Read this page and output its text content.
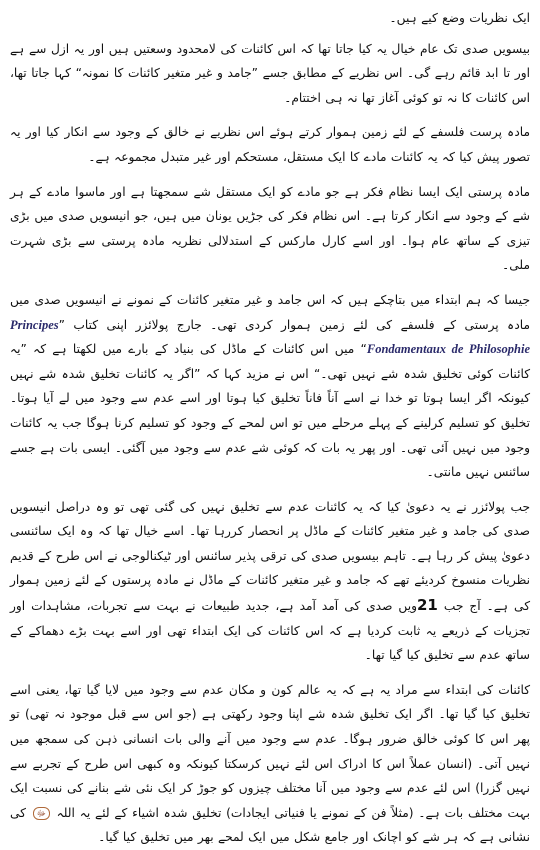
ایک نظریات وضع کیے ہیں۔

بیسویں صدی تک عام خیال یہ کیا جاتا تھا کہ اس کائنات کی لامحدود وسعتیں ہیں اور یہ ازل سے ہے اور تا ابد قائم رہے گی۔ اس نظریے کے مطابق جسے ”جامد و غیر متغیر کائنات کا نمونہ“ کہا جاتا تھا، اس کائنات کا نہ تو کوئی آغاز تھا نہ ہی اختتام۔

مادہ پرست فلسفے کے لئے زمین ہموار کرتے ہوئے اس نظریے نے خالق کے وجود سے انکار کیا اور یہ تصور پیش کیا کہ یہ کائنات مادے کا ایک مستقل، مستحکم اور غیر متبدل مجموعہ ہے۔

مادہ پرستی ایک ایسا نظام فکر ہے جو مادے کو ایک مستقل شے سمجھتا ہے اور ماسوا مادے کے ہر شے کے وجود سے انکار کرتا ہے۔ اس نظام فکر کی جڑیں یونان میں ہیں، جو انیسویں صدی میں بڑی تیزی کے ساتھ عام ہوا۔ اور اسے کارل مارکس کے استدلالی نظریہ مادہ پرستی سے بڑی شہرت ملی۔

جیسا کہ ہم ابتداء میں بتاچکے ہیں کہ اس جامد و غیر متغیر کائنات کے نمونے نے انیسویں صدی میں مادہ پرستی کے فلسفے کی لئے زمین ہموار کردی تھی۔ جارج پولائزر اپنی کتاب ”Principes Fondamentaux de Philosophie“ میں اس کائنات کے ماڈل کی بنیاد کے بارے میں لکھتا ہے کہ ”یہ کائنات کوئی تخلیق شدہ شے نہیں تھی۔“ اس نے مزید کہا کہ ”اگر یہ کائنات تخلیق شدہ شے نہیں کیونکہ اگر ایسا ہوتا تو خدا نے اسے آناً فاناً تخلیق کیا ہوتا اور اسے عدم سے وجود میں لے آیا ہوتا۔ تخلیق کو تسلیم کرلینے کے پہلے مرحلے میں تو اس لمحے کے وجود کو تسلیم کرنا ہوگا جب یہ کائنات وجود میں نہیں آئی تھی۔ اور پھر یہ بات کہ کوئی شے عدم سے وجود میں آگئی۔ ایسی بات ہے جسے سائنس نہیں مانتی۔

جب پولائزر نے یہ دعویٰ کیا کہ یہ کائنات عدم سے تخلیق نہیں کی گئی تھی تو وہ دراصل انیسویں صدی کی جامد و غیر متغیر کائنات کے ماڈل پر انحصار کررہا تھا۔ اسے خیال تھا کہ وہ ایک سائنسی دعویٰ پیش کر رہا ہے۔ تاہم بیسویں صدی کی ترقی پذیر سائنس اور ٹیکنالوجی نے اس طرح کے قدیم نظریات منسوخ کردیئے تھے کہ جامد و غیر متغیر کائنات کے ماڈل نے مادہ پرستوں کے لئے زمین ہموار کی ہے۔ آج جب 21ویں صدی کی آمد آمد ہے، جدید طبیعات نے بہت سے تجربات، مشاہدات اور تجزیات کے ذریعے یہ ثابت کردیا ہے کہ اس کائنات کی ایک ابتداء تھی اور اسے بہت بڑے دھماکے کے ساتھ عدم سے تخلیق کیا گیا تھا۔

کائنات کی ابتداء سے مراد یہ ہے کہ یہ عالم کون و مکان عدم سے وجود میں لایا گیا تھا، یعنی اسے تخلیق کیا گیا تھا۔ اگر ایک تخلیق شدہ شے اپنا وجود رکھتی ہے (جو اس سے قبل موجود نہ تھی) تو پھر اس کا کوئی خالق ضرور ہوگا۔ عدم سے وجود میں آنے والی بات انسانی ذہن کی سمجھ میں نہیں آتی۔ (انسان عملاً اس کا ادراک اس لئے نہیں کرسکتا کیونکہ وہ کبھی اس طرح کے تجربے سے نہیں گزرا) اس لئے عدم سے وجود میں آنا مختلف چیزوں کو جوڑ کر ایک نئی شے بنانے کی نسبت ایک بہت مختلف بات ہے۔ (مثلاً فن کے نمونے یا فنیاتی ایجادات) تخلیق شدہ اشیاء کے لئے یہ اللہ ﷻ کی نشانی ہے کہ ہر شے کو اچانک اور جامع شکل میں ایک لمحے بھر میں تخلیق کیا گیا۔
